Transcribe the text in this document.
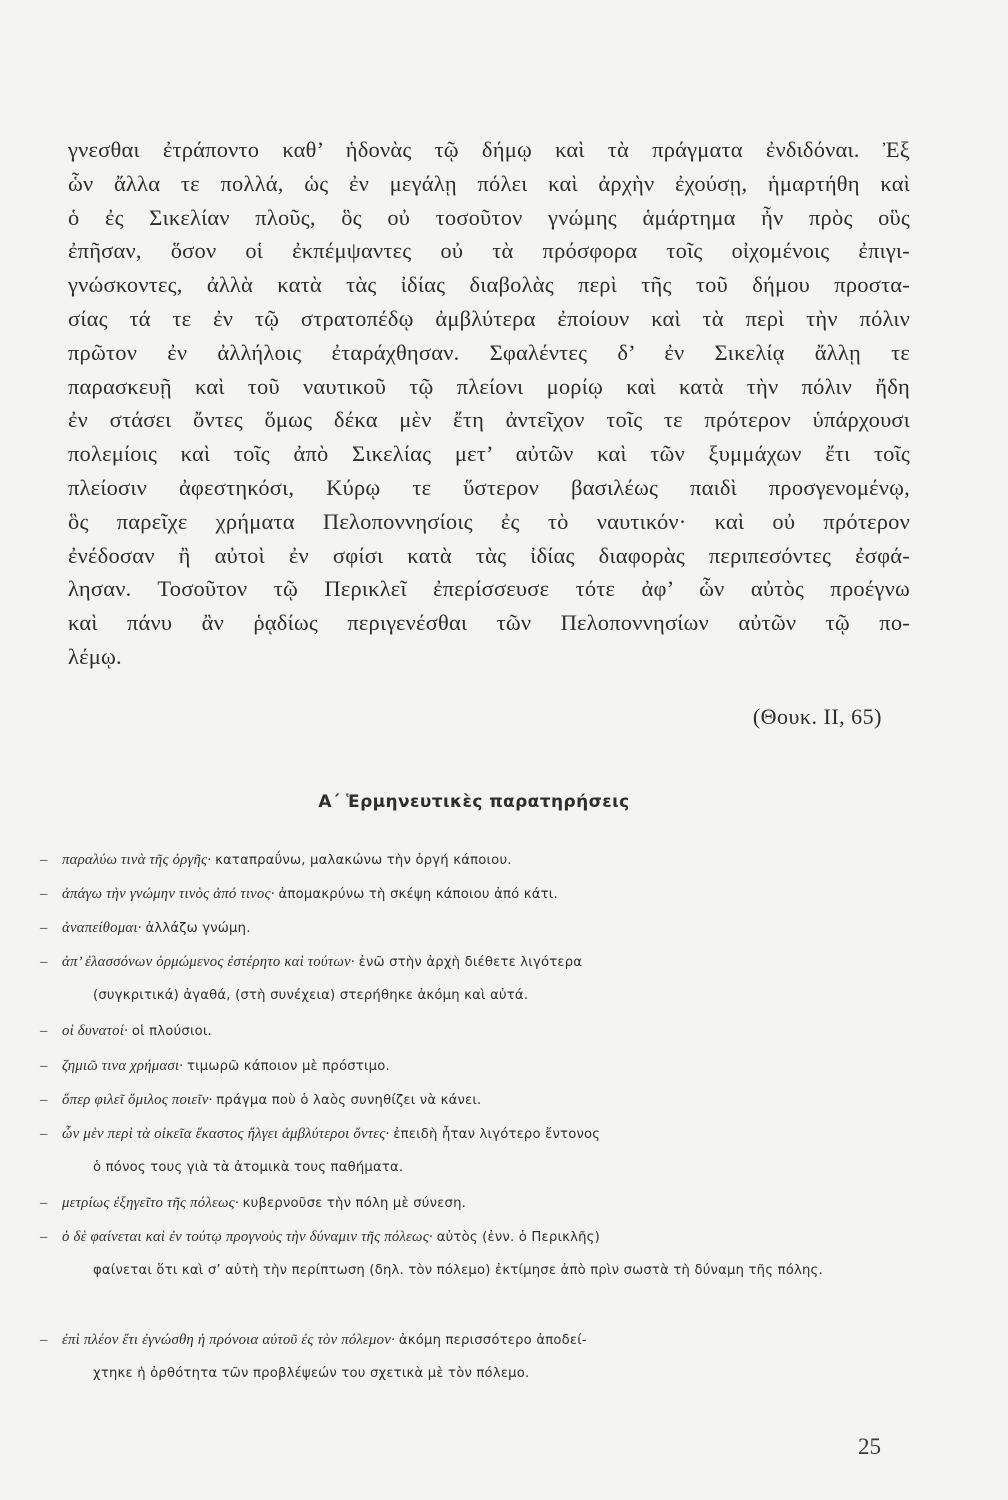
γνεσθαι ἐτράποντο καθ’ ἡδονὰς τῷ δήμῳ καὶ τὰ πράγματα ἐνδιδόναι. Ἐξ
ὧν ἄλλα τε πολλά, ὡς ἐν μεγάλῃ πόλει καὶ ἀρχὴν ἐχούσῃ, ἡμαρτήθη καὶ
ὁ ἐς Σικελίαν πλοῦς, ὃς οὐ τοσοῦτον γνώμης ἁμάρτημα ἦν πρὸς οὓς
ἐπῆσαν, ὅσον οἱ ἐκπέμψαντες οὐ τὰ πρόσφορα τοῖς οἰχομένοις ἐπιγι-
γνώσκοντες, ἀλλὰ κατὰ τὰς ἰδίας διαβολὰς περὶ τῆς τοῦ δήμου προστα-
σίας τά τε ἐν τῷ στρατοπέδῳ ἀμβλύτερα ἐποίουν καὶ τὰ περὶ τὴν πόλιν
πρῶτον ἐν ἀλλήλοις ἐταράχθησαν. Σφαλέντες δ’ ἐν Σικελίᾳ ἄλλῃ τε
παρασκευῇ καὶ τοῦ ναυτικοῦ τῷ πλείονι μορίῳ καὶ κατὰ τὴν πόλιν ἤδη
ἐν στάσει ὄντες ὅμως δέκα μὲν ἔτη ἀντεῖχον τοῖς τε πρότερον ὑπάρχουσι
πολεμίοις καὶ τοῖς ἀπὸ Σικελίας μετ’ αὐτῶν καὶ τῶν ξυμμάχων ἔτι τοῖς
πλείοσιν ἀφεστηκόσι, Κύρῳ τε ὕστερον βασιλέως παιδὶ προσγενομένῳ,
ὃς παρεῖχε χρήματα Πελοποννησίοις ἐς τὸ ναυτικόν· καὶ οὐ πρότερον
ἐνέδοσαν ἢ αὐτοὶ ἐν σφίσι κατὰ τὰς ἰδίας διαφορὰς περιπεσόντες ἐσφά-
λησαν. Τοσοῦτον τῷ Περικλεῖ ἐπερίσσευσε τότε ἀφ’ ὧν αὐτὸς προέγνω
καὶ πάνυ ἂν ῥᾳδίως περιγενέσθαι τῶν Πελοποννησίων αὐτῶν τῷ πο-
λέμῳ.
(Θουκ. ΙΙ, 65)
Α΄ Ἑρμηνευτικὲς παρατηρήσεις
– παραλύω τινὰ τῆς ὀργῆς· καταπραΰνω, μαλακώνω τὴν ὀργή κάποιου.
– ἀπάγω τὴν γνώμην τινὸς ἀπό τινος· ἀπομακρύνω τὴ σκέψη κάποιου ἀπό κάτι.
– ἀναπείθομαι· ἀλλάζω γνώμη.
– ἀπ’ ἐλασσόνων ὁρμώμενος ἐστέρητο καὶ τούτων· ἐνῶ στὴν ἀρχὴ διέθετε λιγότερα
(συγκριτικά) ἀγαθά, (στὴ συνέχεια) στερήθηκε ἀκόμη καὶ αὐτά.
– οἱ δυνατοί· οἱ πλούσιοι.
– ζημιῶ τινα χρήμασι· τιμωρῶ κάποιον μὲ πρόστιμο.
– ὅπερ φιλεῖ ὅμιλος ποιεῖν· πράγμα ποὺ ὁ λαὸς συνηθίζει νὰ κάνει.
– ὧν μὲν περὶ τὰ οἰκεῖα ἕκαστος ἤλγει ἀμβλύτεροι ὄντες· ἐπειδὴ ἦταν λιγότερο ἔντονος
ὁ πόνος τους γιὰ τὰ ἀτομικὰ τους παθήματα.
– μετρίως ἐξηγεῖτο τῆς πόλεως· κυβερνοῦσε τὴν πόλη μὲ σύνεση.
– ὁ δὲ φαίνεται καὶ ἐν τούτῳ προγνοὺς τὴν δύναμιν τῆς πόλεως· αὐτὸς (ἐνν. ὁ Περικλῆς)
φαίνεται ὅτι καὶ σ’ αὐτὴ τὴν περίπτωση (δηλ. τὸν πόλεμο) ἐκτίμησε ἀπὸ πρὶν σωστὰ τὴ δύναμη τῆς πόλης.
– ἐπὶ πλέον ἔτι ἐγνώσθη ἡ πρόνοια αὐτοῦ ἐς τὸν πόλεμον· ἀκόμη περισσότερο ἀποδεί-
χτηκε ἡ ὀρθότητα τῶν προβλέψεών του σχετικὰ μὲ τὸν πόλεμο.
25
